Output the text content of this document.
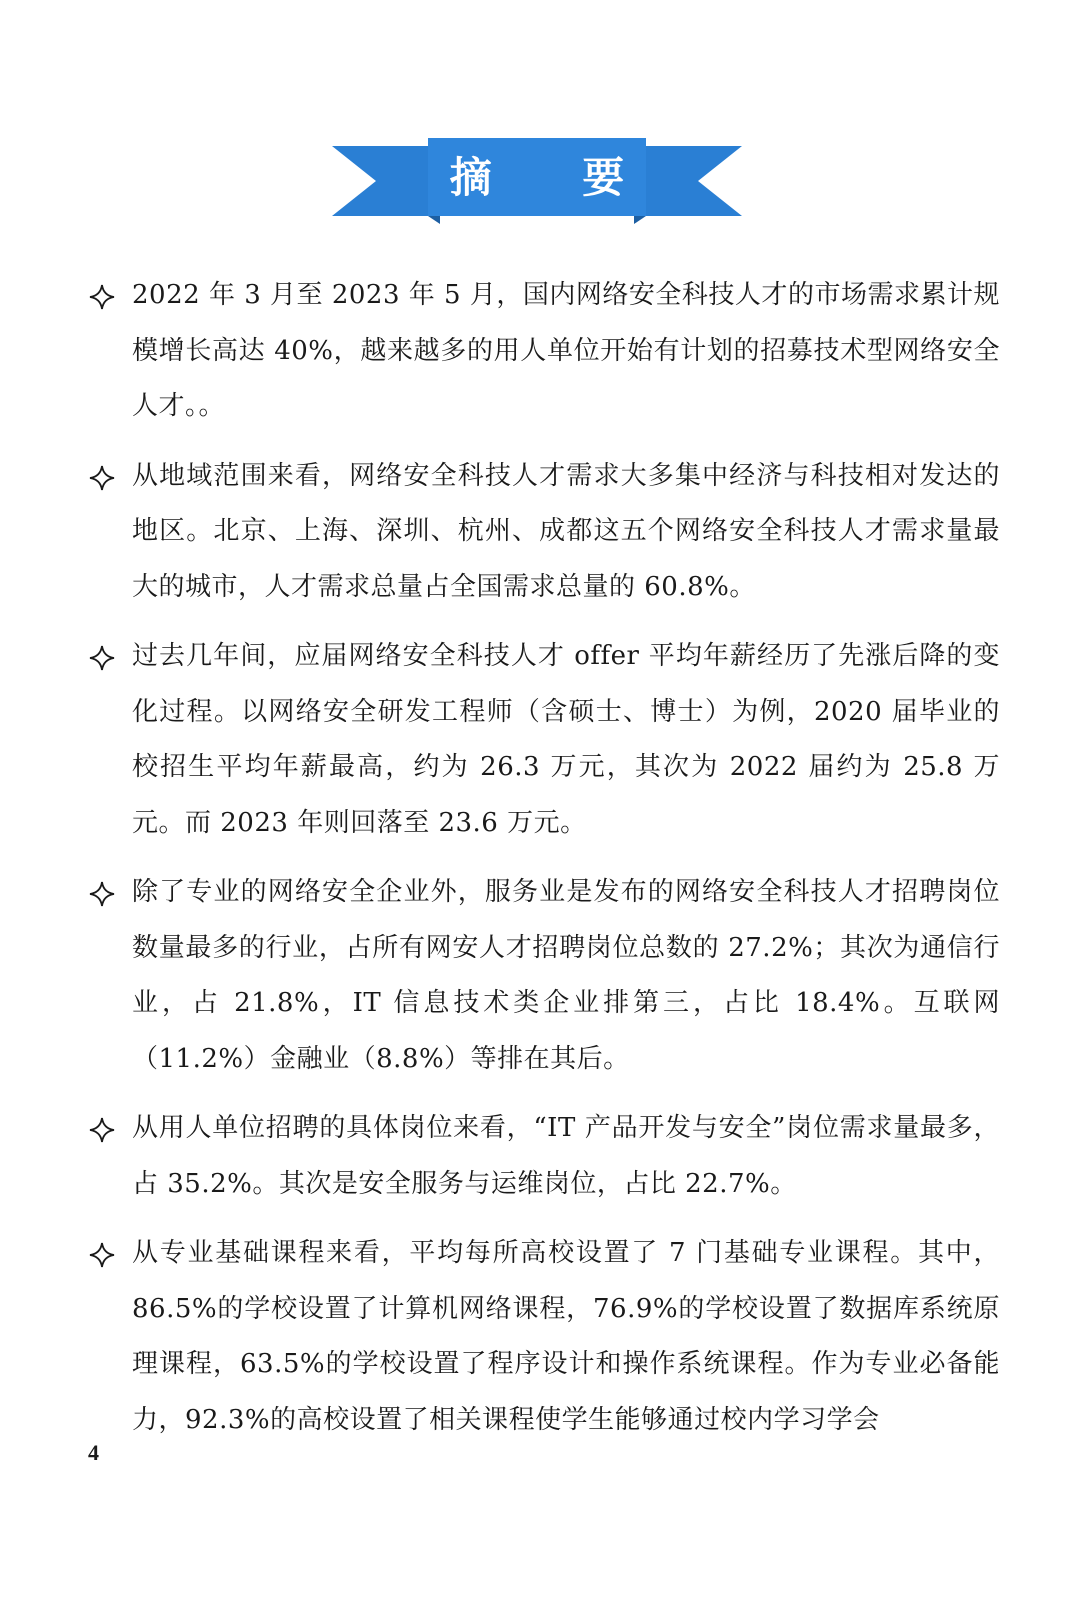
摘 要
2022 年 3 月至 2023 年 5 月，国内网络安全科技人才的市场需求累计规模增长高达 40%，越来越多的用人单位开始有计划的招募技术型网络安全人才。。
从地域范围来看，网络安全科技人才需求大多集中经济与科技相对发达的地区。北京、上海、深圳、杭州、成都这五个网络安全科技人才需求量最大的城市，人才需求总量占全国需求总量的 60.8%。
过去几年间，应届网络安全科技人才 offer 平均年薪经历了先涨后降的变化过程。以网络安全研发工程师（含硕士、博士）为例，2020 届毕业的校招生平均年薪最高，约为 26.3 万元，其次为 2022 届约为 25.8 万元。而 2023 年则回落至 23.6 万元。
除了专业的网络安全企业外，服务业是发布的网络安全科技人才招聘岗位数量最多的行业，占所有网安人才招聘岗位总数的 27.2%；其次为通信行业，占 21.8%，IT 信息技术类企业排第三，占比 18.4%。互联网（11.2%）金融业（8.8%）等排在其后。
从用人单位招聘的具体岗位来看，“IT 产品开发与安全”岗位需求量最多，占 35.2%。其次是安全服务与运维岗位，占比 22.7%。
从专业基础课程来看，平均每所高校设置了 7 门基础专业课程。其中，86.5%的学校设置了计算机网络课程，76.9%的学校设置了数据库系统原理课程，63.5%的学校设置了程序设计和操作系统课程。作为专业必备能力，92.3%的高校设置了相关课程使学生能够通过校内学习学会
4
